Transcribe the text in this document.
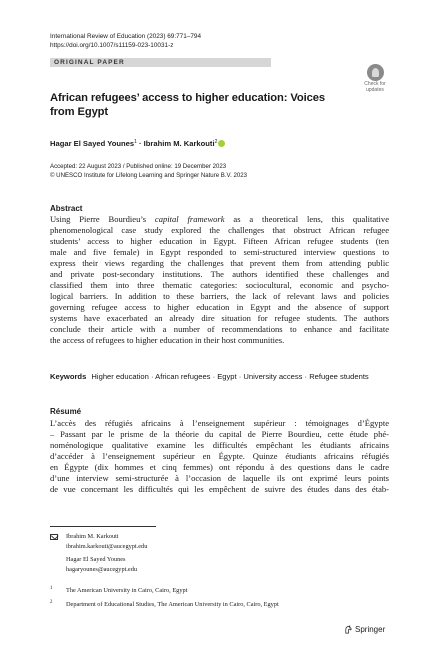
International Review of Education (2023) 69:771–794
https://doi.org/10.1007/s11159-023-10031-z
ORIGINAL PAPER
Check for
updates
African refugees’ access to higher education: Voices
from Egypt
Hagar El Sayed Younes$^1$ · Ibrahim M. Karkouti$^2$
Accepted: 22 August 2023 / Published online: 19 December 2023
© UNESCO Institute for Lifelong Learning and Springer Nature B.V. 2023
Abstract
Using Pierre Bourdieu’s capital framework as a theoretical lens, this qualitative
phenomenological case study explored the challenges that obstruct African refugee
students’ access to higher education in Egypt. Fifteen African refugee students (ten
male and five female) in Egypt responded to semi-structured interview questions to
express their views regarding the challenges that prevent them from attending public
and private post-secondary institutions. The authors identified these challenges and
classified them into three thematic categories: sociocultural, economic and psycho-
logical barriers. In addition to these barriers, the lack of relevant laws and policies
governing refugee access to higher education in Egypt and the absence of support
systems have exacerbated an already dire situation for refugee students. The authors
conclude their article with a number of recommendations to enhance and facilitate
the access of refugees to higher education in their host communities.
Keywords Higher education · African refugees · Egypt · University access · Refugee students
Résumé
L’accès des réfugiés africains à l’enseignement supérieur : témoignages d’Égypte
– Passant par le prisme de la théorie du capital de Pierre Bourdieu, cette étude phé-
noménologique qualitative examine les difficultés empêchant les étudiants africains
d’accéder à l’enseignement supérieur en Égypte. Quinze étudiants africains réfugiés
en Égypte (dix hommes et cinq femmes) ont répondu à des questions dans le cadre
d’une interview semi-structurée à l’occasion de laquelle ils ont exprimé leurs points
de vue concernant les difficultés qui les empêchent de suivre des études dans des étab-
Ibrahim M. Karkouti
ibrahim.karkouti@aucegypt.edu
Hagar El Sayed Younes
hagaryounes@aucegypt.edu
1 The American University in Cairo, Cairo, Egypt
2 Department of Educational Studies, The American University in Cairo, Cairo, Egypt
Springer
